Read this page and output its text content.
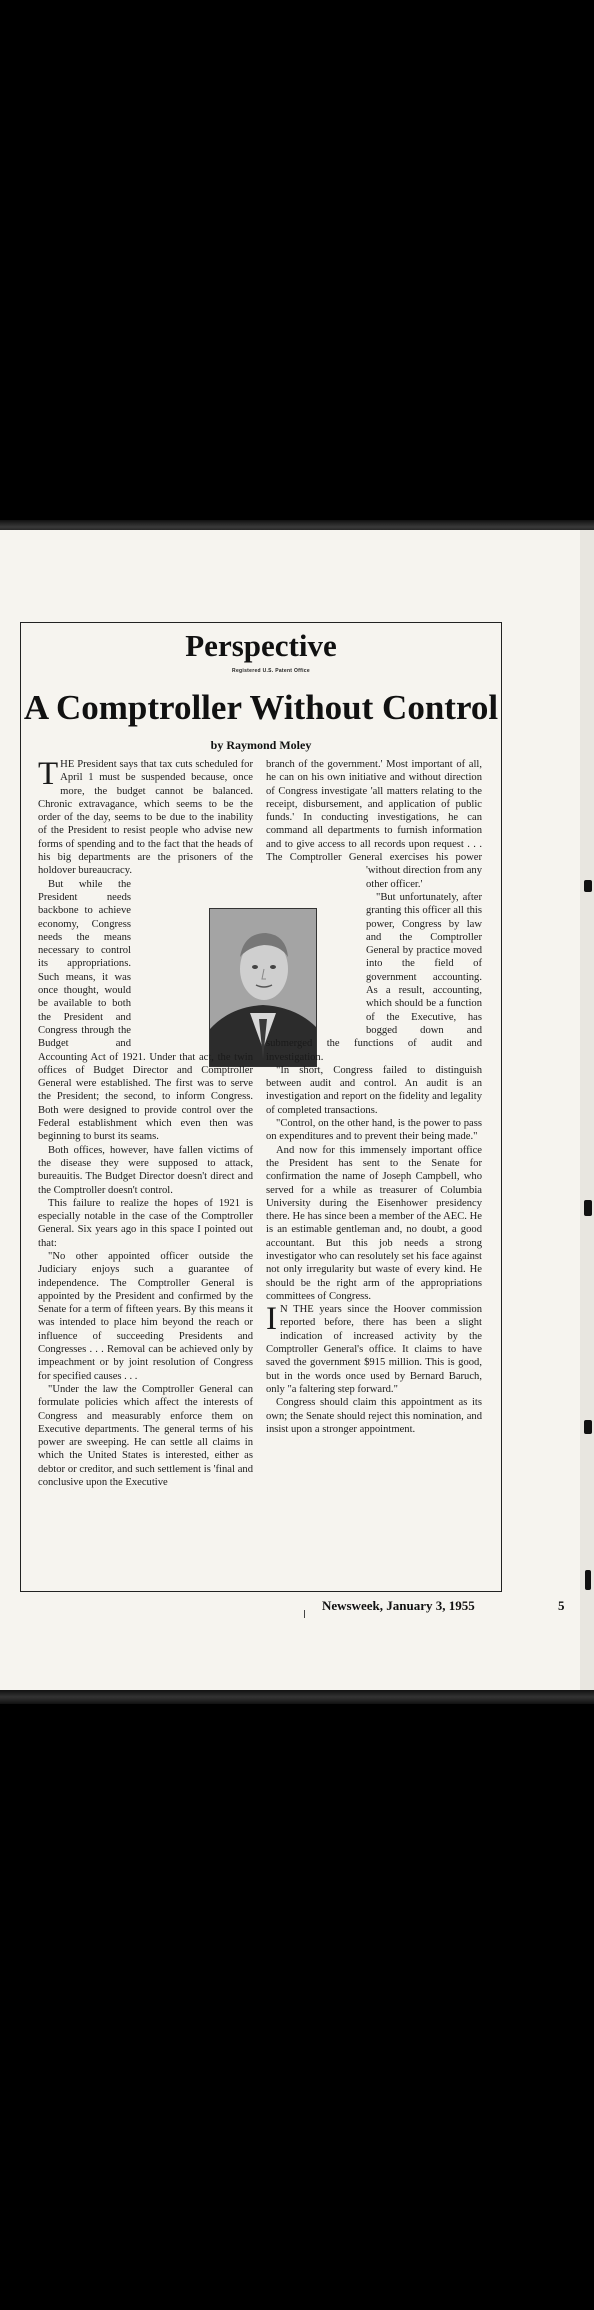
Perspective
Registered U.S. Patent Office
A Comptroller Without Control
by Raymond Moley

THE President says that tax cuts scheduled for April 1 must be suspended because, once more, the budget cannot be balanced. Chronic extravagance, which seems to be the order of the day, seems to be due to the inability of the President to resist people who advise new forms of spending and to the fact that the heads of his big departments are the prisoners of the holdover bureaucracy.

But while the President needs backbone to achieve economy, Congress needs the means necessary to control its appropriations. Such means, it was once thought, would be available to both the President and Congress through the Budget and Accounting Act of 1921. Under that act, the twin offices of Budget Director and Comptroller General were established. The first was to serve the President; the second, to inform Congress. Both were designed to provide control over the Federal establishment which even then was beginning to burst its seams.

Both offices, however, have fallen victims of the disease they were supposed to attack, bureauitis. The Budget Director doesn't direct and the Comptroller doesn't control.

This failure to realize the hopes of 1921 is especially notable in the case of the Comptroller General. Six years ago in this space I pointed out that:

"No other appointed officer outside the Judiciary enjoys such a guarantee of independence. The Comptroller General is appointed by the President and confirmed by the Senate for a term of fifteen years. By this means it was intended to place him beyond the reach or influence of succeeding Presidents and Congresses . . . Removal can be achieved only by impeachment or by joint resolution of Congress for specified causes . . .

"Under the law the Comptroller General can formulate policies which affect the interests of Congress and measurably enforce them on Executive departments. The general terms of his power are sweeping. He can settle all claims in which the United States is interested, either as debtor or creditor, and such settlement is 'final and conclusive upon the Executive

branch of the government.' Most important of all, he can on his own initiative and without direction of Congress investigate 'all matters relating to the receipt, disbursement, and application of public funds.' In conducting investigations, he can command all departments to furnish information and to give access to all records upon request . . . The Comptroller General exercises
his power 'without direction from any other officer.'

"But unfortunately, after granting this officer all this power, Congress by law and the Comptroller General by practice moved into the field of government accounting. As a result, accounting, which should be a function of the Executive, has bogged down and submerged the functions of audit and investigation.

"In short, Congress failed to distinguish between audit and control. An audit is an investigation and report on the fidelity and legality of completed transactions.

"Control, on the other hand, is the power to pass on expenditures and to prevent their being made."

And now for this immensely important office the President has sent to the Senate for confirmation the name of Joseph Campbell, who served for a while as treasurer of Columbia University during the Eisenhower presidency there. He has since been a member of the AEC. He is an estimable gentleman and, no doubt, a good accountant. But this job needs a strong investigator who can resolutely set his face against not only irregularity but waste of every kind. He should be the right arm of the appropriations committees of Congress.

I N THE years since the Hoover commission reported before, there has been a slight indication of increased activity by the Comptroller General's office. It claims to have saved the government $915 million. This is good, but in the words once used by Bernard Baruch, only "a faltering step forward."

Congress should claim this appointment as its own; the Senate should reject this nomination, and insist upon a stronger appointment.

Newsweek, January 3, 1955	5
